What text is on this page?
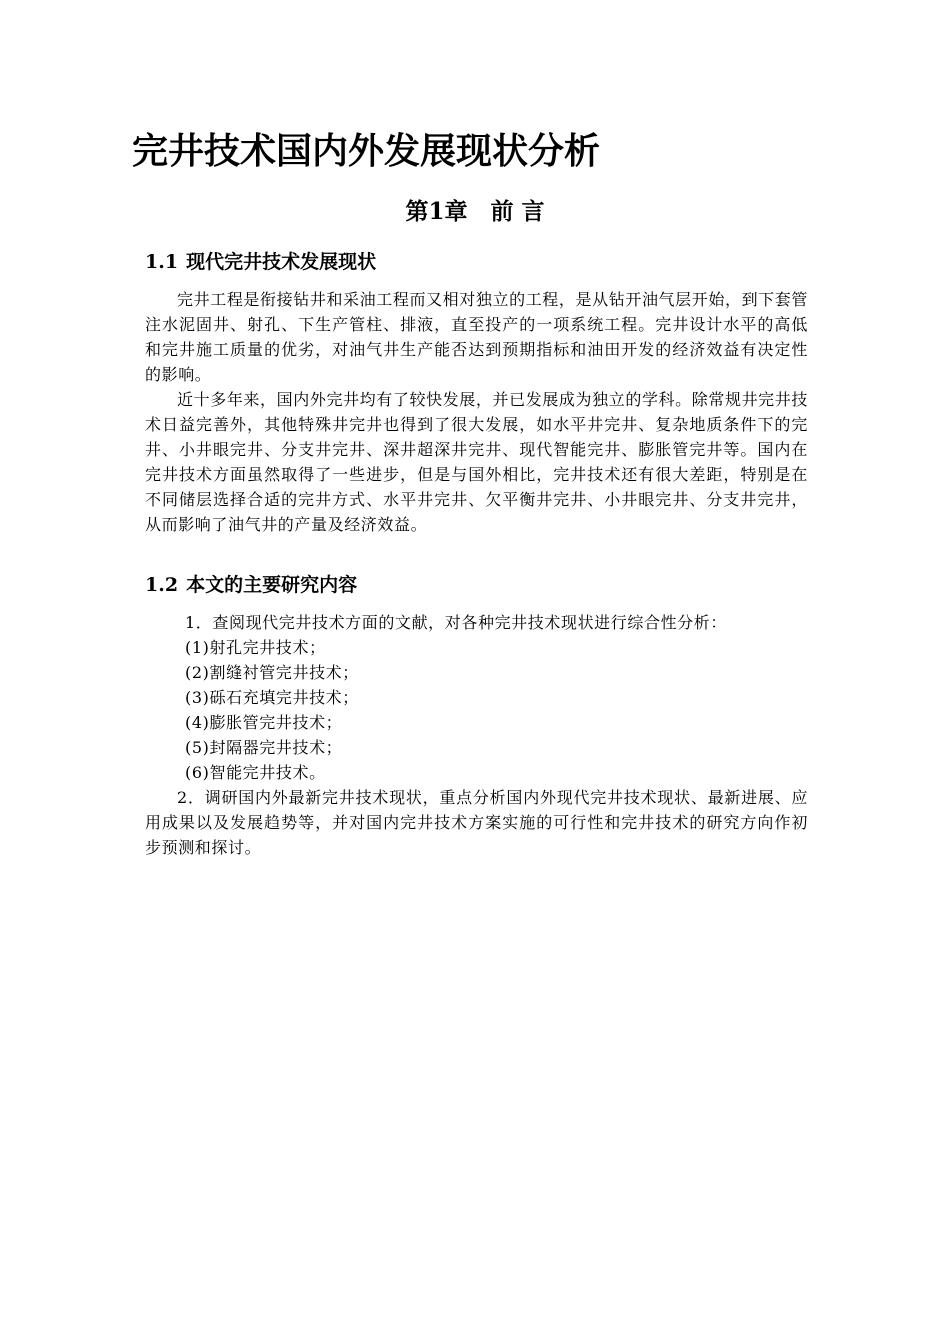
完井技术国内外发展现状分析
第1章　前 言
1.1 现代完井技术发展现状

完井工程是衔接钻井和采油工程而又相对独立的工程，是从钻开油气层开始，到下套管注水泥固井、射孔、下生产管柱、排液，直至投产的一项系统工程。完井设计水平的高低和完井施工质量的优劣，对油气井生产能否达到预期指标和油田开发的经济效益有决定性的影响。

近十多年来，国内外完井均有了较快发展，并已发展成为独立的学科。除常规井完井技术日益完善外，其他特殊井完井也得到了很大发展，如水平井完井、复杂地质条件下的完井、小井眼完井、分支井完井、深井超深井完井、现代智能完井、膨胀管完井等。国内在完井技术方面虽然取得了一些进步，但是与国外相比，完井技术还有很大差距，特别是在不同储层选择合适的完井方式、水平井完井、欠平衡井完井、小井眼完井、分支井完井，从而影响了油气井的产量及经济效益。

1.2 本文的主要研究内容
1．查阅现代完井技术方面的文献，对各种完井技术现状进行综合性分析：
(1)射孔完井技术；
(2)割缝衬管完井技术；
(3)砾石充填完井技术；
(4)膨胀管完井技术；
(5)封隔器完井技术；
(6)智能完井技术。

2．调研国内外最新完井技术现状，重点分析国内外现代完井技术现状、最新进展、应用成果以及发展趋势等，并对国内完井技术方案实施的可行性和完井技术的研究方向作初步预测和探讨。
